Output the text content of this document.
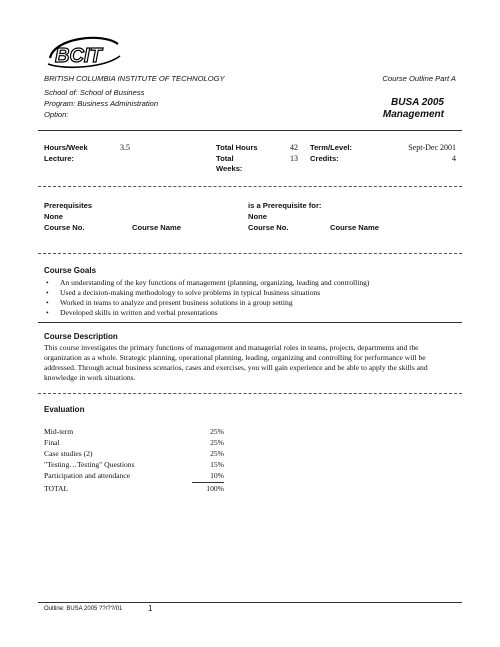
BCIT
BRITISH COLUMBIA INSTITUTE OF TECHNOLOGY	Course Outline Part A
School of: School of Business
Program: Business Administration
Option:
BUSA 2005
Management
Hours/Week	3.5
Lecture:
Total Hours	42
Total
Weeks:
13
Term/Level:	Sept-Dec 2001
Credits:	4
Prerequisites
None
Course No.	Course Name
is a Prerequisite for:
None
Course No.	Course Name
Course Goals
• An understanding of the key functions of management (planning, organizing, leading and controlling)
• Used a decision-making methodology to solve problems in typical business situations
• Worked in teams to analyze and present business solutions in a group setting
• Developed skills in written and verbal presentations
Course Description
This course investigates the primary functions of management and managerial roles in teams, projects, departments and the organization as a whole. Strategic planning, operational planning, leading, organizing and controlling for performance will be addressed. Through actual business scenarios, cases and exercises, you will gain experience and be able to apply the skills and knowledge in work situations.
Evaluation
Mid-term	25%
Final	25%
Case studies (2)	25%
"Testing…Testing" Questions	15%
Participation and attendance	10%
TOTAL	100%
Outline: BUSA 2005 ??/??/01	1
